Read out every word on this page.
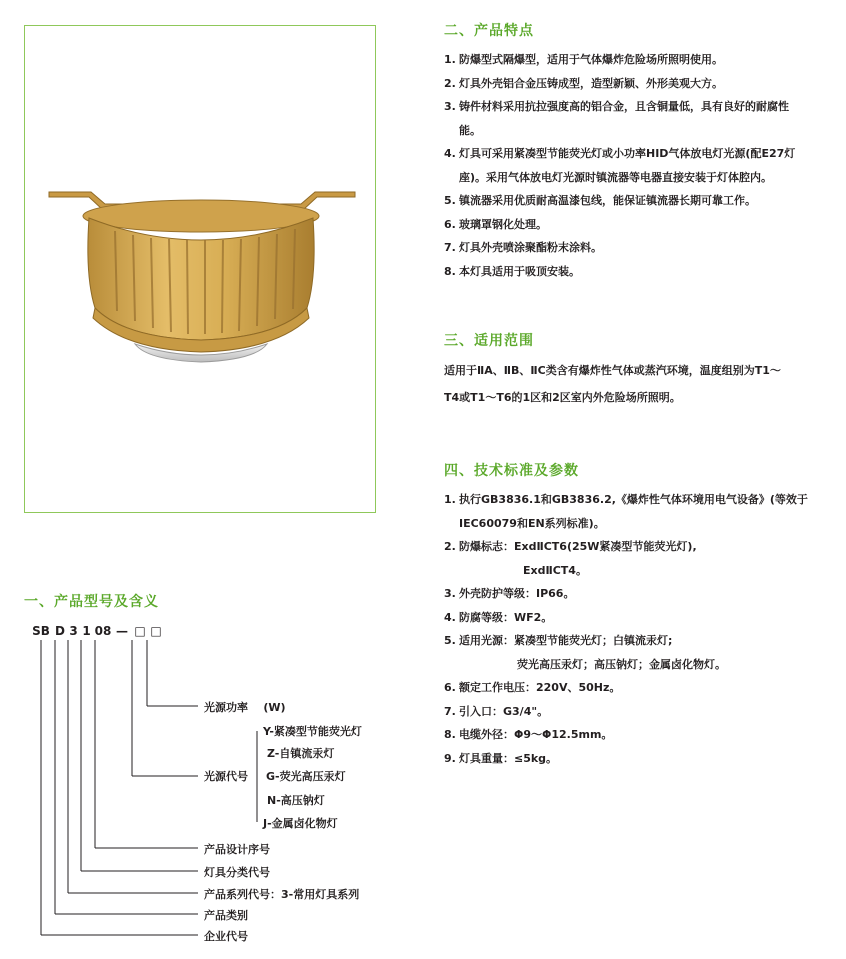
一、产品型号及含义
SB D 3 1 08 — □ □

光源功率 (W)

光源代号

Y-紧凑型节能荧光灯

Z-自镇流汞灯

G-荧光高压汞灯

N-高压钠灯

J-金属卤化物灯

产品设计序号

灯具分类代号

产品系列代号：3-常用灯具系列

产品类别

企业代号

二、产品特点
1. 防爆型式隔爆型，适用于气体爆炸危险场所照明使用。
2. 灯具外壳铝合金压铸成型，造型新颖、外形美观大方。
3. 铸件材料采用抗拉强度高的铝合金，且含铜量低，具有良好的耐腐性
能。
4. 灯具可采用紧凑型节能荧光灯或小功率HID气体放电灯光源(配E27灯
座)。采用气体放电灯光源时镇流器等电器直接安装于灯体腔内。
5. 镇流器采用优质耐高温漆包线，能保证镇流器长期可靠工作。
6. 玻璃罩钢化处理。
7. 灯具外壳喷涂聚酯粉末涂料。
8. 本灯具适用于吸顶安装。
三、适用范围

适用于ⅡA、ⅡB、ⅡC类含有爆炸性气体或蒸汽环境，温度组别为T1～
T4或T1～T6的1区和2区室内外危险场所照明。

四、技术标准及参数
1. 执行GB3836.1和GB3836.2,《爆炸性气体环境用电气设备》(等效于
IEC60079和EN系列标准)。
2. 防爆标志：ExdⅡCT6(25W紧凑型节能荧光灯),
ExdⅡCT4。
3. 外壳防护等级：IP66。
4. 防腐等级：WF2。
5. 适用光源：紧凑型节能荧光灯；白镇流汞灯;
荧光高压汞灯；高压钠灯；金属卤化物灯。
6. 额定工作电压：220V、50Hz。
7. 引入口：G3/4"。
8. 电缆外径：Φ9～Φ12.5mm。
9. 灯具重量：≤5kg。
